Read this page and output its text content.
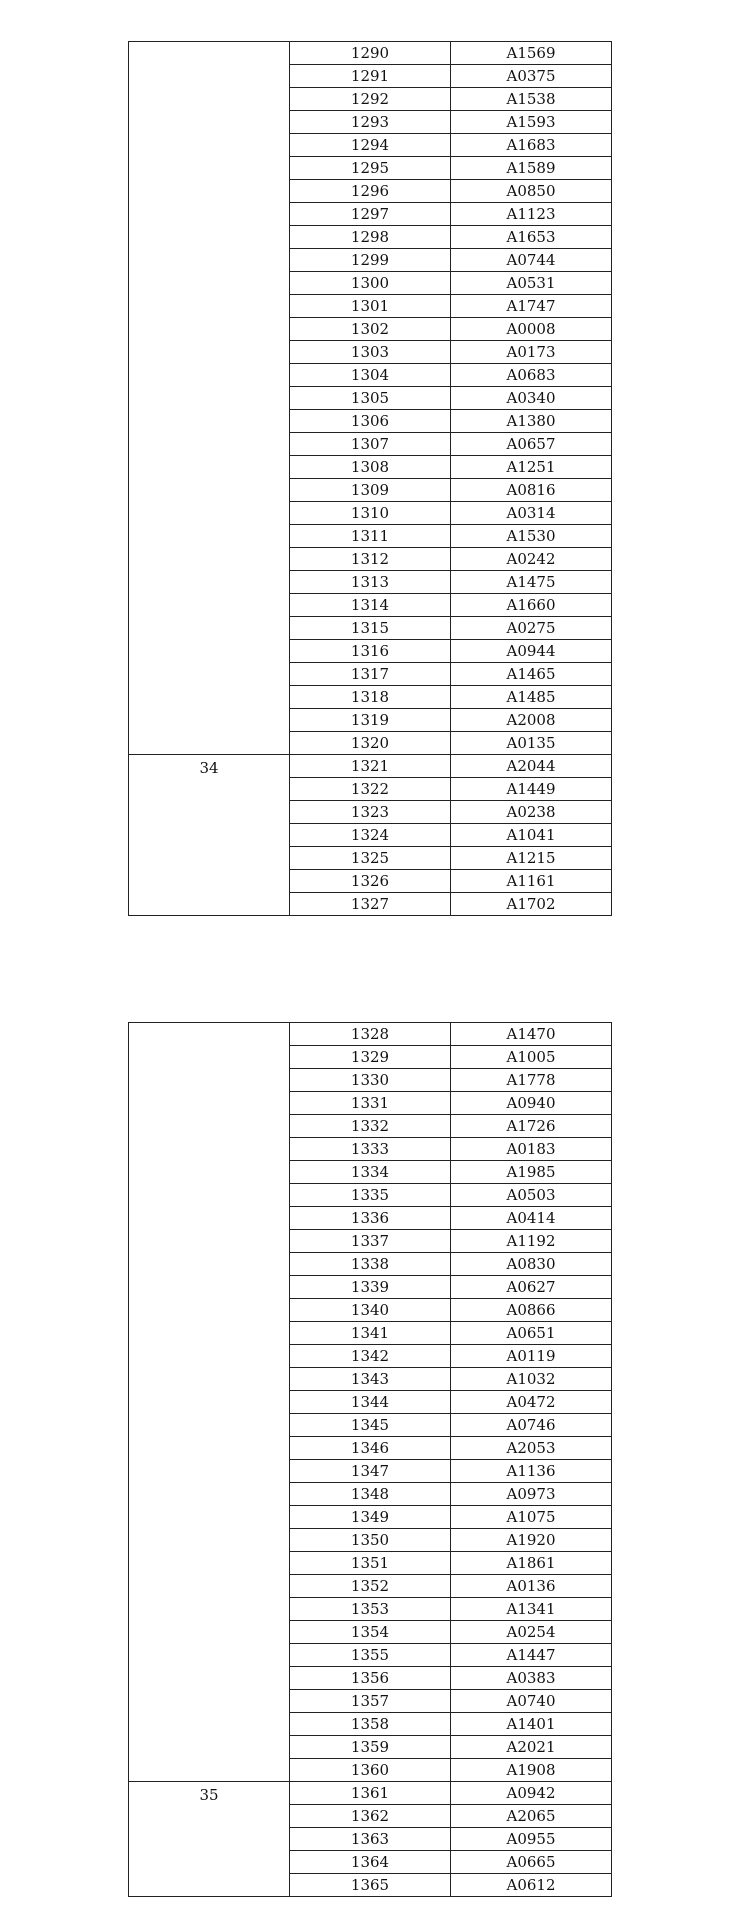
	1290	A1569
	1291	A0375
	1292	A1538
	1293	A1593
	1294	A1683
	1295	A1589
	1296	A0850
	1297	A1123
	1298	A1653
	1299	A0744
	1300	A0531
	1301	A1747
	1302	A0008
	1303	A0173
	1304	A0683
	1305	A0340
	1306	A1380
	1307	A0657
	1308	A1251
	1309	A0816
	1310	A0314
	1311	A1530
	1312	A0242
	1313	A1475
	1314	A1660
	1315	A0275
	1316	A0944
	1317	A1465
	1318	A1485
	1319	A2008
	1320	A0135
34	1321	A2044
	1322	A1449
	1323	A0238
	1324	A1041
	1325	A1215
	1326	A1161
	1327	A1702
	1328	A1470
	1329	A1005
	1330	A1778
	1331	A0940
	1332	A1726
	1333	A0183
	1334	A1985
	1335	A0503
	1336	A0414
	1337	A1192
	1338	A0830
	1339	A0627
	1340	A0866
	1341	A0651
	1342	A0119
	1343	A1032
	1344	A0472
	1345	A0746
	1346	A2053
	1347	A1136
	1348	A0973
	1349	A1075
	1350	A1920
	1351	A1861
	1352	A0136
	1353	A1341
	1354	A0254
	1355	A1447
	1356	A0383
	1357	A0740
	1358	A1401
	1359	A2021
	1360	A1908
35	1361	A0942
	1362	A2065
	1363	A0955
	1364	A0665
	1365	A0612
